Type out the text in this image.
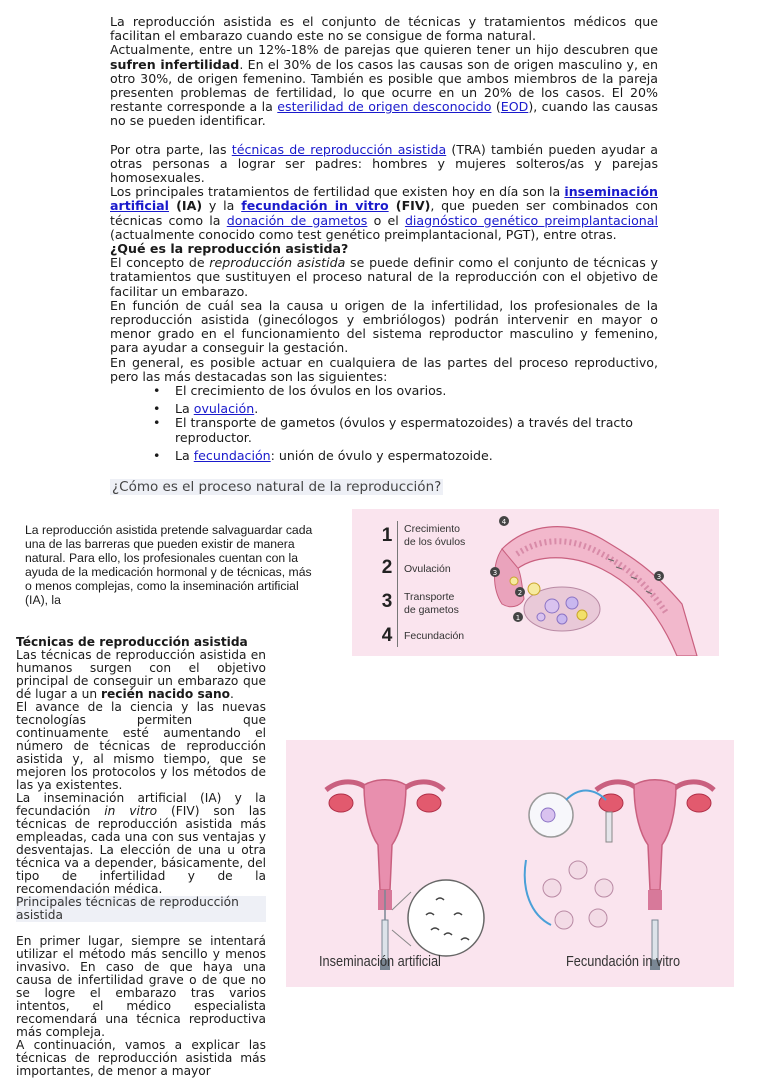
La reproducción asistida es el conjunto de técnicas y tratamientos médicos que facilitan el embarazo cuando este no se consigue de forma natural.

Actualmente, entre un 12%-18% de parejas que quieren tener un hijo descubren que sufren infertilidad. En el 30% de los casos las causas son de origen masculino y, en otro 30%, de origen femenino. También es posible que ambos miembros de la pareja presenten problemas de fertilidad, lo que ocurre en un 20% de los casos. El 20% restante corresponde a la esterilidad de origen desconocido (EOD), cuando las causas no se pueden identificar.

Por otra parte, las técnicas de reproducción asistida (TRA) también pueden ayudar a otras personas a lograr ser padres: hombres y mujeres solteros/as y parejas homosexuales.

Los principales tratamientos de fertilidad que existen hoy en día son la inseminación artificial (IA) y la fecundación in vitro (FIV), que pueden ser combinados con técnicas como la donación de gametos o el diagnóstico genético preimplantacional (actualmente conocido como test genético preimplantacional, PGT), entre otras.

¿Qué es la reproducción asistida?

El concepto de reproducción asistida se puede definir como el conjunto de técnicas y tratamientos que sustituyen el proceso natural de la reproducción con el objetivo de facilitar un embarazo.

En función de cuál sea la causa u origen de la infertilidad, los profesionales de la reproducción asistida (ginecólogos y embriólogos) podrán intervenir en mayor o menor grado en el funcionamiento del sistema reproductor masculino y femenino, para ayudar a conseguir la gestación.

En general, es posible actuar en cualquiera de las partes del proceso reproductivo, pero las más destacadas son las siguientes:

• El crecimiento de los óvulos en los ovarios.
• La ovulación.
• El transporte de gametos (óvulos y espermatozoides) a través del tracto reproductor.
• La fecundación: unión de óvulo y espermatozoide.
¿Cómo es el proceso natural de la reproducción?

La reproducción asistida pretende salvaguardar cada una de las barreras que pueden existir de manera natural. Para ello, los profesionales cuentan con la ayuda de la medicación hormonal y de técnicas, más o menos complejas, como la inseminación artificial (IA), la

Técnicas de reproducción asistida

Las técnicas de reproducción asistida en humanos surgen con el objetivo principal de conseguir un embarazo que dé lugar a un recién nacido sano.

El avance de la ciencia y las nuevas tecnologías permiten que continuamente esté aumentando el número de técnicas de reproducción asistida y, al mismo tiempo, que se mejoren los protocolos y los métodos de las ya existentes.

La inseminación artificial (IA) y la fecundación in vitro (FIV) son las técnicas de reproducción asistida más empleadas, cada una con sus ventajas y desventajas. La elección de una u otra técnica va a depender, básicamente, del tipo de infertilidad y de la recomendación médica.

Principales técnicas de reproducción asistida

En primer lugar, siempre se intentará utilizar el método más sencillo y menos invasivo. En caso de que haya una causa de infertilidad grave o de que no se logre el embarazo tras varios intentos, el médico especialista recomendará una técnica reproductiva más compleja.

A continuación, vamos a explicar las técnicas de reproducción asistida más importantes, de menor a mayor

1 Crecimiento
de los óvulos
2 Ovulación
3 Transporte
de gametos
4 Fecundación
4
3
2
1
3
Inseminación artificial	Fecundación in vitro
